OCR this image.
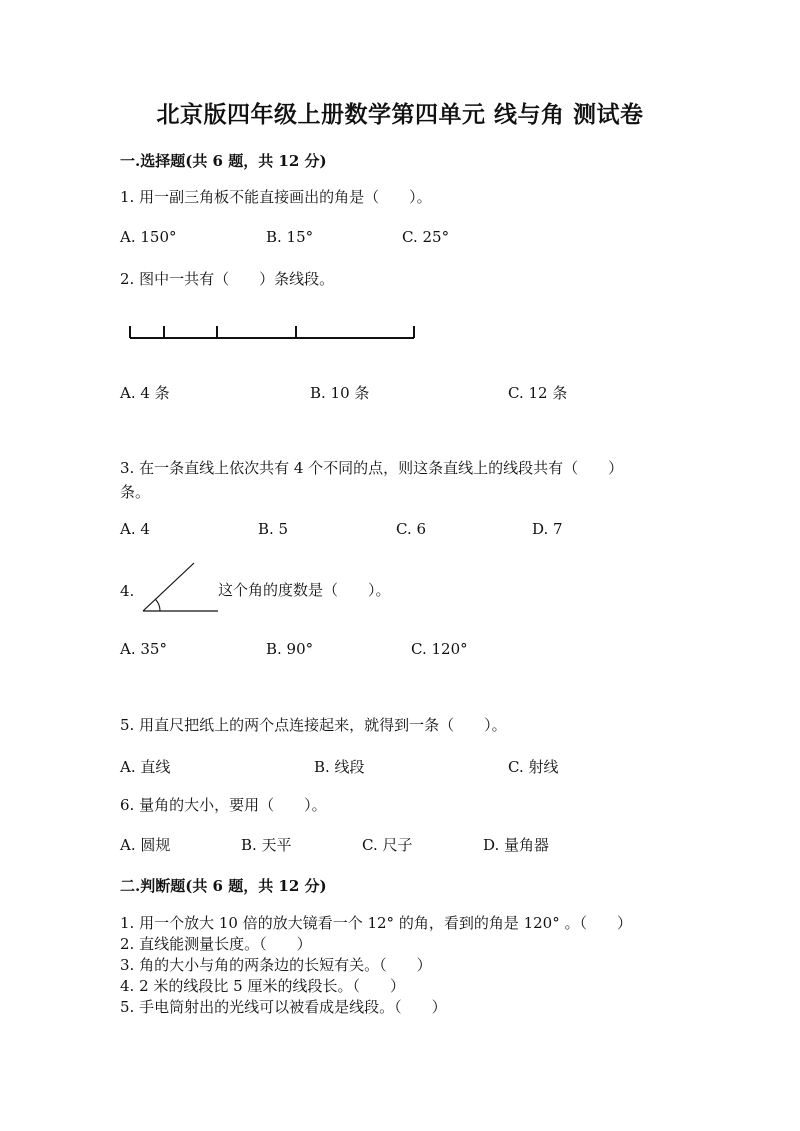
北京版四年级上册数学第四单元 线与角 测试卷
一.选择题(共 6 题，共 12 分)
1. 用一副三角板不能直接画出的角是（　　）。
A. 150°	B. 15°	C. 25°
2. 图中一共有（　　）条线段。
A. 4 条	B. 10 条	C. 12 条
3. 在一条直线上依次共有 4 个不同的点，则这条直线上的线段共有（　　）
条。
A. 4	B. 5	C. 6	D. 7
4.	这个角的度数是（　　）。
A. 35°	B. 90°	C. 120°
5. 用直尺把纸上的两个点连接起来，就得到一条（　　）。
A. 直线	B. 线段	C. 射线
6. 量角的大小，要用（　　）。
A. 圆规	B. 天平	C. 尺子	D. 量角器
二.判断题(共 6 题，共 12 分)
1. 用一个放大 10 倍的放大镜看一个 12° 的角，看到的角是 120° 。（　　）
2. 直线能测量长度。（　　）
3. 角的大小与角的两条边的长短有关。（　　）
4. 2 米的线段比 5 厘米的线段长。（　　）
5. 手电筒射出的光线可以被看成是线段。（　　）
